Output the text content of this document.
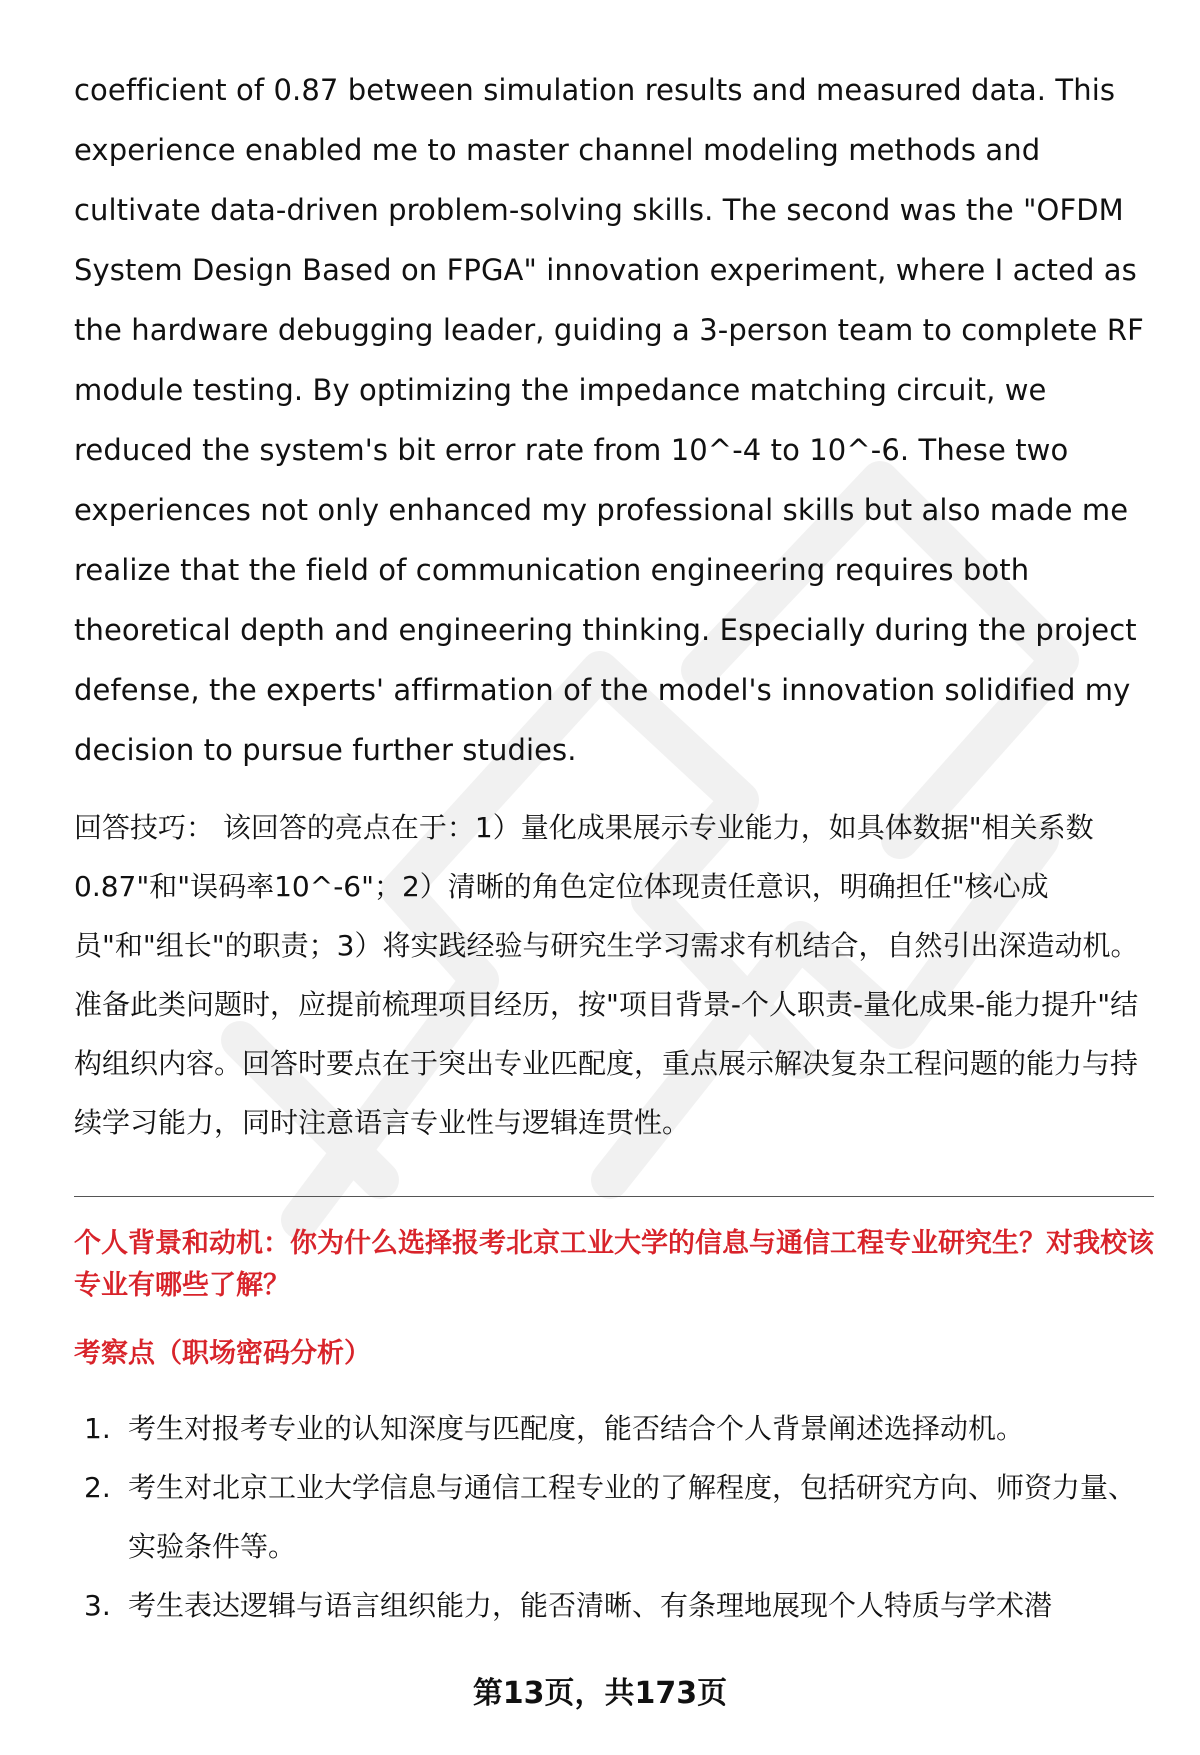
coefficient of 0.87 between simulation results and measured data. This experience enabled me to master channel modeling methods and cultivate data-driven problem-solving skills. The second was the "OFDM System Design Based on FPGA" innovation experiment, where I acted as the hardware debugging leader, guiding a 3-person team to complete RF module testing. By optimizing the impedance matching circuit, we reduced the system's bit error rate from 10^-4 to 10^-6. These two experiences not only enhanced my professional skills but also made me realize that the field of communication engineering requires both theoretical depth and engineering thinking. Especially during the project defense, the experts' affirmation of the model's innovation solidified my decision to pursue further studies.

回答技巧： 该回答的亮点在于：1）量化成果展示专业能力，如具体数据"相关系数0.87"和"误码率10^-6"；2）清晰的角色定位体现责任意识，明确担任"核心成员"和"组长"的职责；3）将实践经验与研究生学习需求有机结合，自然引出深造动机。准备此类问题时，应提前梳理项目经历，按"项目背景-个人职责-量化成果-能力提升"结构组织内容。回答时要点在于突出专业匹配度，重点展示解决复杂工程问题的能力与持续学习能力，同时注意语言专业性与逻辑连贯性。

个人背景和动机：你为什么选择报考北京工业大学的信息与通信工程专业研究生？对我校该专业有哪些了解？
考察点（职场密码分析）
1. 考生对报考专业的认知深度与匹配度，能否结合个人背景阐述选择动机。
2. 考生对北京工业大学信息与通信工程专业的了解程度，包括研究方向、师资力量、实验条件等。
3. 考生表达逻辑与语言组织能力，能否清晰、有条理地展现个人特质与学术潜
第13页，共173页
